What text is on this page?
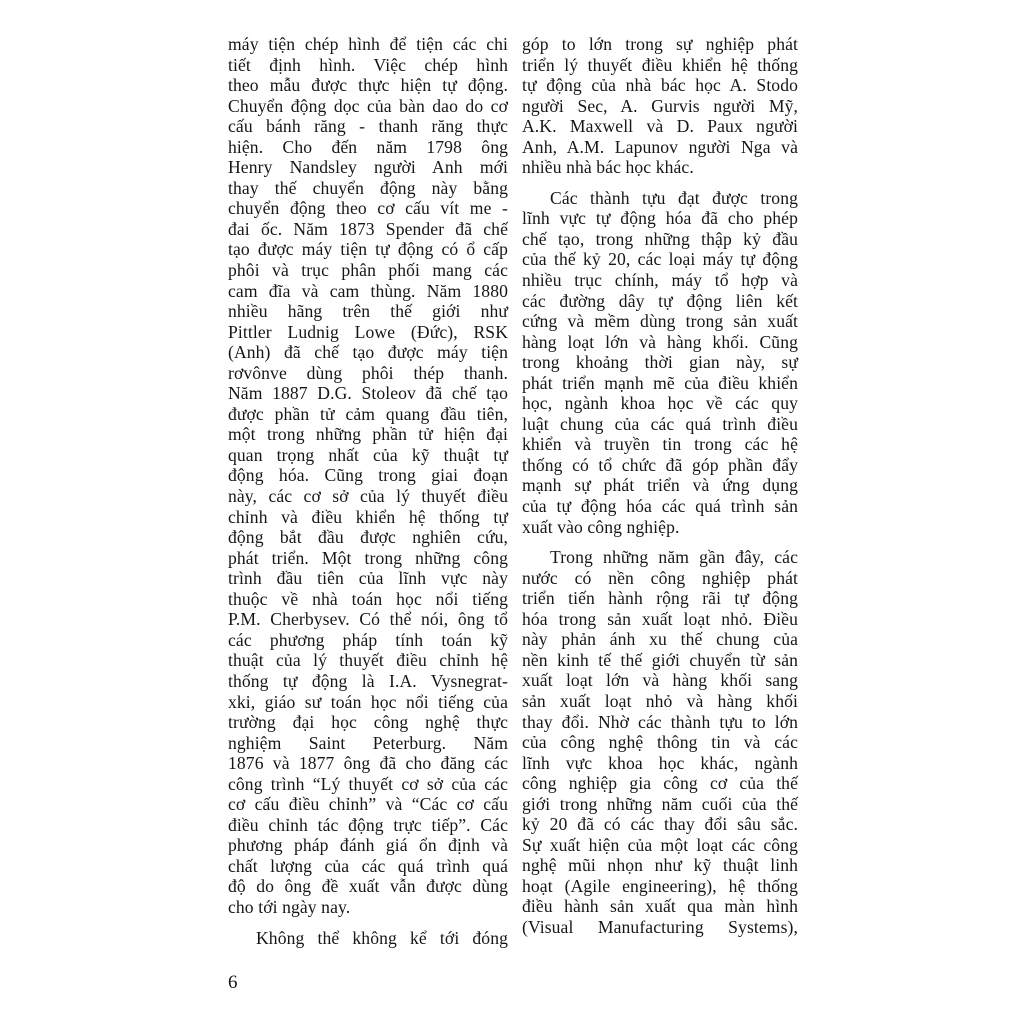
máy tiện chép hình để tiện các chi
tiết định hình. Việc chép hình
theo mẫu được thực hiện tự động.
Chuyển động dọc của bàn dao do cơ
cấu bánh răng - thanh răng thực
hiện. Cho đến năm 1798 ông
Henry Nandsley người Anh mới
thay thế chuyển động này bằng
chuyển động theo cơ cấu vít me -
đai ốc. Năm 1873 Spender đã chế
tạo được máy tiện tự động có ổ cấp
phôi và trục phân phối mang các
cam đĩa và cam thùng. Năm 1880
nhiều hãng trên thế giới như
Pittler Ludnig Lowe (Đức), RSK
(Anh) đã chế tạo được máy tiện
rơvônve dùng phôi thép thanh.
Năm 1887 D.G. Stoleov đã chế tạo
được phần tử cảm quang đầu tiên,
một trong những phần tử hiện đại
quan trọng nhất của kỹ thuật tự
động hóa. Cũng trong giai đoạn
này, các cơ sở của lý thuyết điều
chỉnh và điều khiển hệ thống tự
động bắt đầu được nghiên cứu,
phát triển. Một trong những công
trình đầu tiên của lĩnh vực này
thuộc về nhà toán học nổi tiếng
P.M. Cherbysev. Có thể nói, ông tổ
các phương pháp tính toán kỹ
thuật của lý thuyết điều chỉnh hệ
thống tự động là I.A. Vysnegrat-
xki, giáo sư toán học nổi tiếng của
trường đại học công nghệ thực
nghiệm Saint Peterburg. Năm
1876 và 1877 ông đã cho đăng các
công trình “Lý thuyết cơ sở của các
cơ cấu điều chỉnh” và “Các cơ cấu
điều chỉnh tác động trực tiếp”. Các
phương pháp đánh giá ổn định và
chất lượng của các quá trình quá
độ do ông đề xuất vẫn được dùng
cho tới ngày nay.
Không thể không kể tới đóng
góp to lớn trong sự nghiệp phát
triển lý thuyết điều khiển hệ thống
tự động của nhà bác học A. Stodo
người Sec, A. Gurvis người Mỹ,
A.K. Maxwell và D. Paux người
Anh, A.M. Lapunov người Nga và
nhiều nhà bác học khác.
Các thành tựu đạt được trong
lĩnh vực tự động hóa đã cho phép
chế tạo, trong những thập kỷ đầu
của thế kỷ 20, các loại máy tự động
nhiều trục chính, máy tổ hợp và
các đường dây tự động liên kết
cứng và mềm dùng trong sản xuất
hàng loạt lớn và hàng khối. Cũng
trong khoảng thời gian này, sự
phát triển mạnh mẽ của điều khiển
học, ngành khoa học về các quy
luật chung của các quá trình điều
khiển và truyền tin trong các hệ
thống có tổ chức đã góp phần đẩy
mạnh sự phát triển và ứng dụng
của tự động hóa các quá trình sản
xuất vào công nghiệp.
Trong những năm gần đây, các
nước có nền công nghiệp phát
triển tiến hành rộng rãi tự động
hóa trong sản xuất loạt nhỏ. Điều
này phản ánh xu thế chung của
nền kinh tế thế giới chuyển từ sản
xuất loạt lớn và hàng khối sang
sản xuất loạt nhỏ và hàng khối
thay đổi. Nhờ các thành tựu to lớn
của công nghệ thông tin và các
lĩnh vực khoa học khác, ngành
công nghiệp gia công cơ của thế
giới trong những năm cuối của thế
kỷ 20 đã có các thay đổi sâu sắc.
Sự xuất hiện của một loạt các công
nghệ mũi nhọn như kỹ thuật linh
hoạt (Agile engineering), hệ thống
điều hành sản xuất qua màn hình
(Visual Manufacturing Systems),
6
